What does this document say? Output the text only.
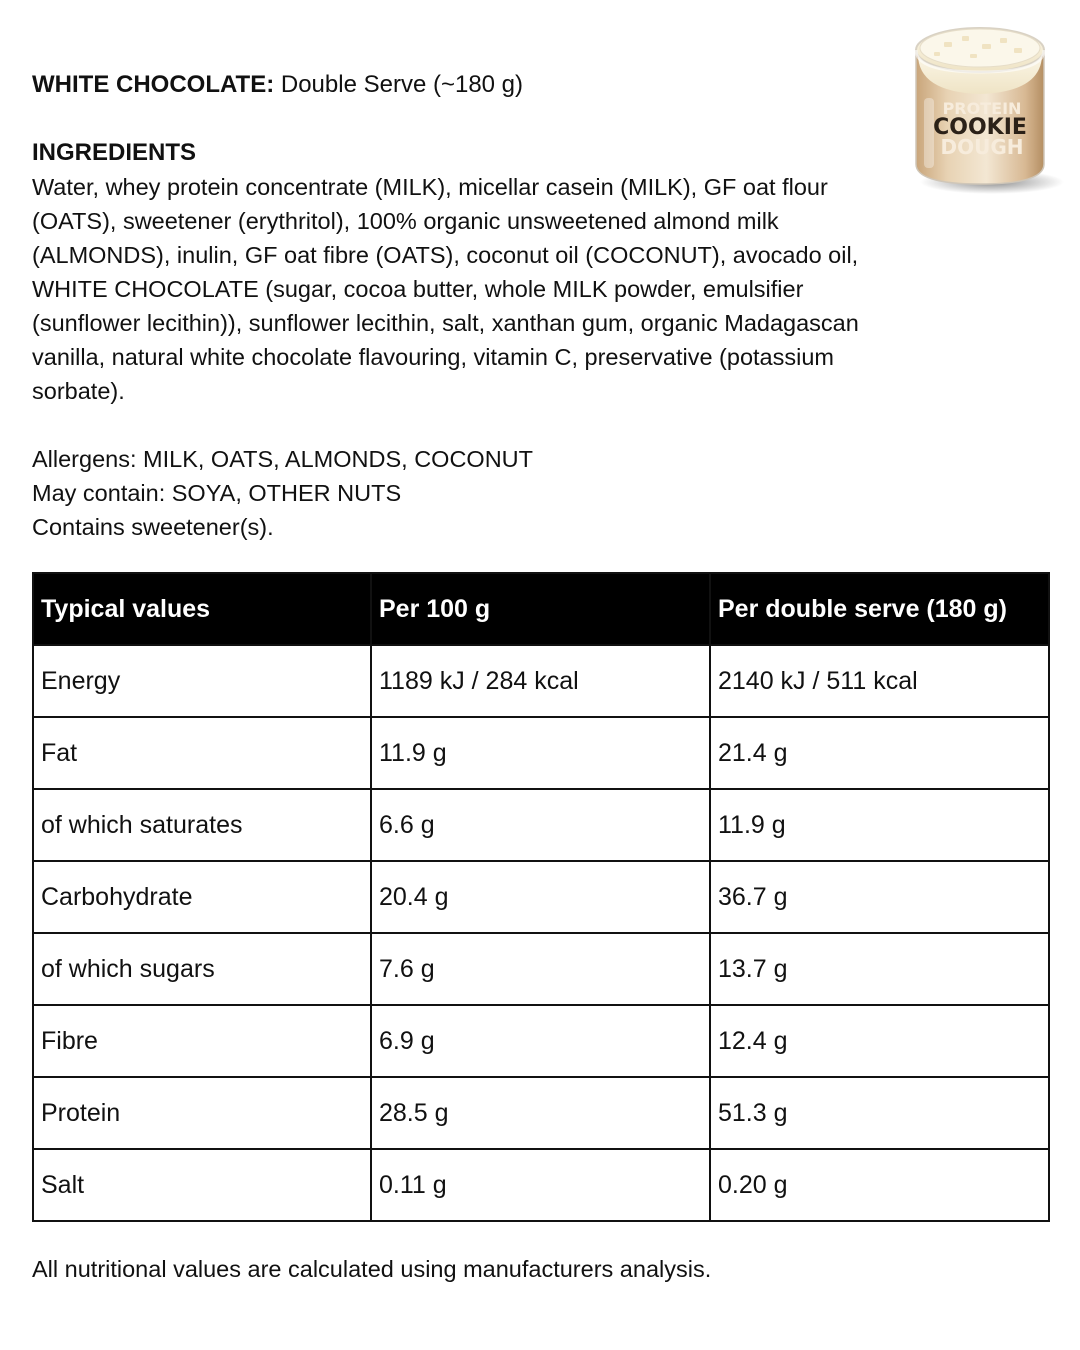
WHITE CHOCOLATE: Double Serve (~180 g)
INGREDIENTS
Water, whey protein concentrate (MILK), micellar casein (MILK), GF oat flour (OATS), sweetener (erythritol), 100% organic unsweetened almond milk (ALMONDS), inulin, GF oat fibre (OATS), coconut oil (COCONUT), avocado oil, WHITE CHOCOLATE (sugar, cocoa butter, whole MILK powder, emulsifier (sunflower lecithin)), sunflower lecithin, salt, xanthan gum, organic Madagascan vanilla, natural white chocolate flavouring, vitamin C, preservative (potassium sorbate).
Allergens: MILK, OATS, ALMONDS, COCONUT
May contain: SOYA, OTHER NUTS
Contains sweetener(s).
PROTEIN
COOKIE
DOUGH
Typical values	Per 100 g	Per double serve (180 g)
Energy	1189 kJ / 284 kcal	2140 kJ / 511 kcal
Fat	11.9 g	21.4 g
of which saturates	6.6 g	11.9 g
Carbohydrate	20.4 g	36.7 g
of which sugars	7.6 g	13.7 g
Fibre	6.9 g	12.4 g
Protein	28.5 g	51.3 g
Salt	0.11 g	0.20 g
All nutritional values are calculated using manufacturers analysis.
